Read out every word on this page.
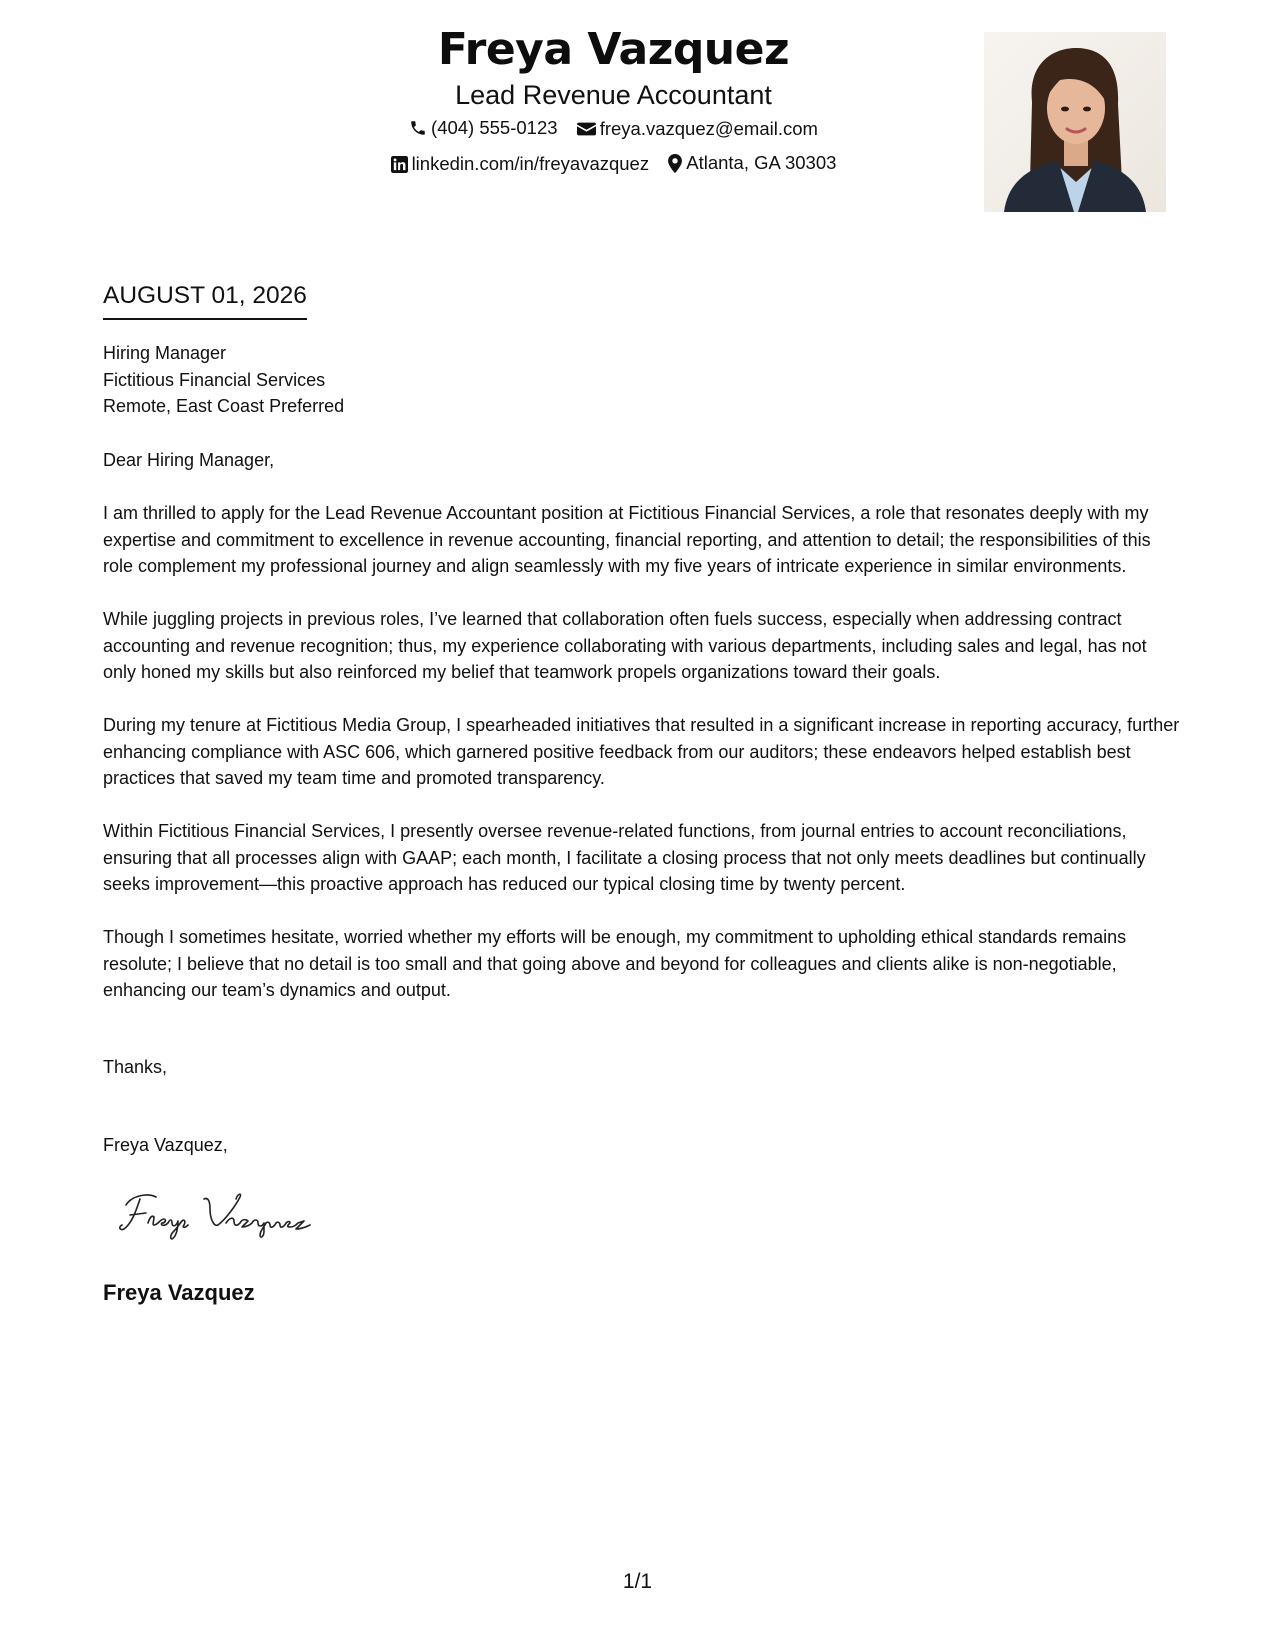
Freya Vazquez
Lead Revenue Accountant
(404) 555-0123
freya.vazquez@email.com
linkedin.com/in/freyavazquez
Atlanta, GA 30303
AUGUST 01, 2026
Hiring Manager
Fictitious Financial Services
Remote, East Coast Preferred
Dear Hiring Manager,

I am thrilled to apply for the Lead Revenue Accountant position at Fictitious Financial Services, a role that resonates deeply with my expertise and commitment to excellence in revenue accounting, financial reporting, and attention to detail; the responsibilities of this role complement my professional journey and align seamlessly with my five years of intricate experience in similar environments.

While juggling projects in previous roles, I’ve learned that collaboration often fuels success, especially when addressing contract accounting and revenue recognition; thus, my experience collaborating with various departments, including sales and legal, has not only honed my skills but also reinforced my belief that teamwork propels organizations toward their goals.

During my tenure at Fictitious Media Group, I spearheaded initiatives that resulted in a significant increase in reporting accuracy, further enhancing compliance with ASC 606, which garnered positive feedback from our auditors; these endeavors helped establish best practices that saved my team time and promoted transparency.

Within Fictitious Financial Services, I presently oversee revenue-related functions, from journal entries to account reconciliations, ensuring that all processes align with GAAP; each month, I facilitate a closing process that not only meets deadlines but continually seeks improvement—this proactive approach has reduced our typical closing time by twenty percent.

Though I sometimes hesitate, worried whether my efforts will be enough, my commitment to upholding ethical standards remains resolute; I believe that no detail is too small and that going above and beyond for colleagues and clients alike is non-negotiable, enhancing our team’s dynamics and output.

Thanks,
Freya Vazquez,
Freya Vazquez
1/1
